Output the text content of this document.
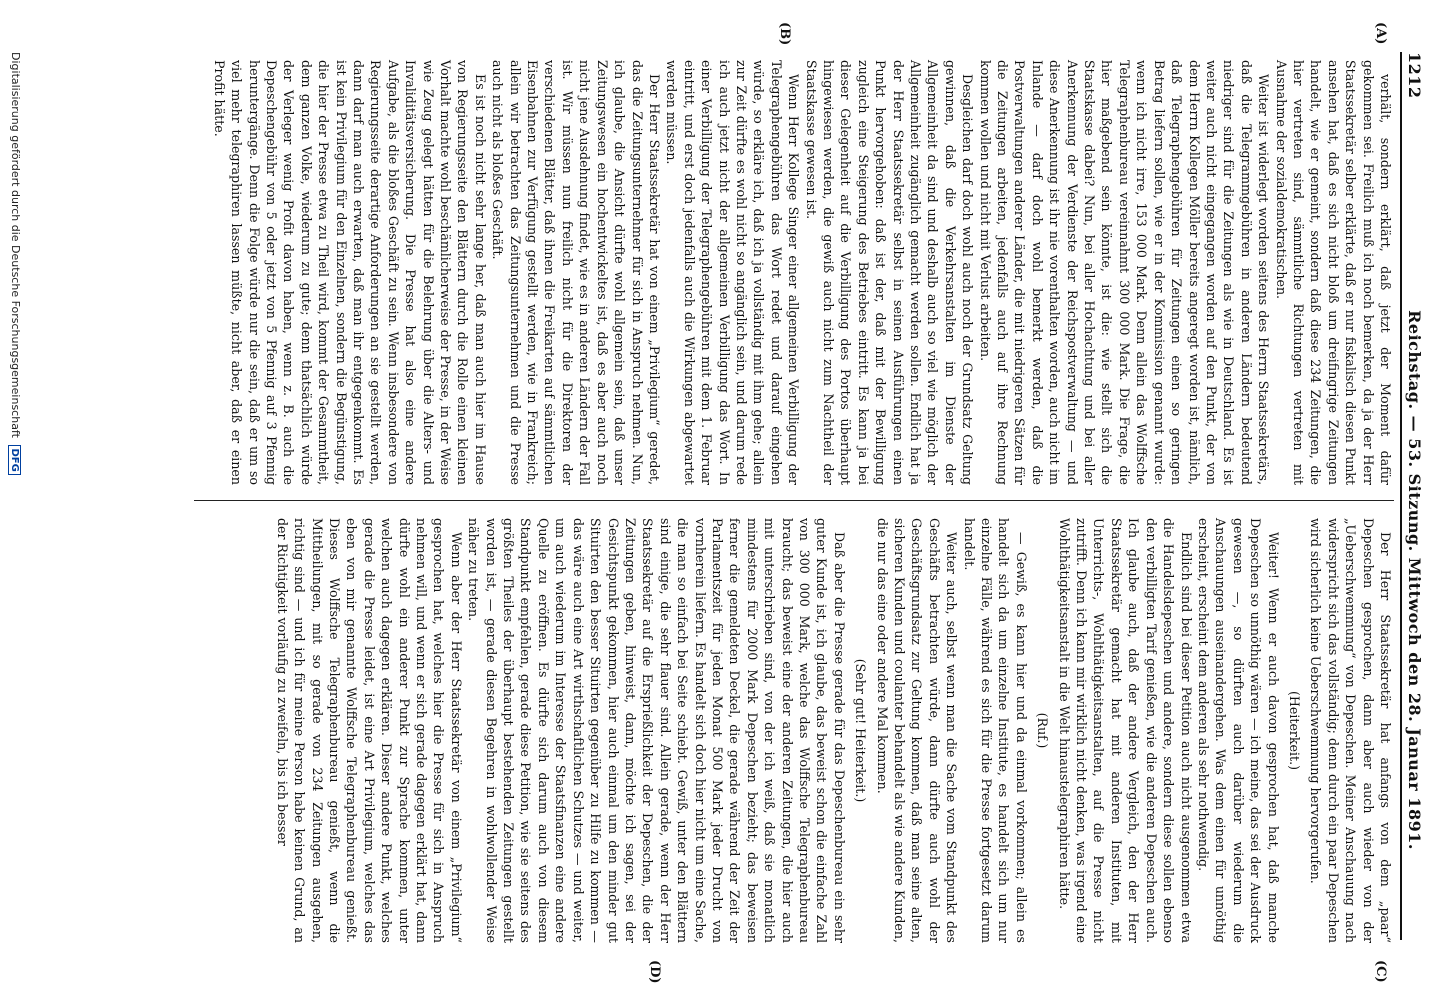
1212
Reichstag. — 53. Sitzung. Mittwoch den 28. Januar 1891.
(A)
(B)
(C)
(D)

verhält, sondern erklärt, daß jetzt der Moment dafür gekommen sei. Freilich muß ich noch bemerken, da ja der Herr Staatssekretär selber erklärte, daß er nur fiskalisch diesen Punkt ansehen hat, daß es sich nicht bloß um dreifingrige Zeitungen handelt, wie er gemeint, sondern daß diese 234 Zeitungen, die hier vertreten sind, sämmtliche Richtungen vertreten mit Ausnahme der sozialdemokratischen.

Weiter ist widerlegt worden seitens des Herrn Staatssekretärs, daß die Telegrammgebühren in anderen Ländern bedeutend niedriger sind für die Zeitungen als wie in Deutschland. Es ist weiter auch nicht eingegangen worden auf den Punkt, der von dem Herrn Kollegen Möller bereits angeregt worden ist, nämlich, daß Telegraphengebühren für Zeitungen einen so geringen Betrag liefern sollen, wie er in der Kommission genannt wurde: wenn ich nicht irre, 153 000 Mark. Denn allein das Wolffsche Telegraphenbureau vereinnahmt 300 000 Mark. Die Frage, die hier maßgebend sein könnte, ist die: wie stellt sich die Staatskasse dabei? Nun, bei aller Hochachtung und bei aller Anerkennung der Verdienste der Reichspostverwaltung — und diese Anerkennung ist ihr nie vorenthalten worden, auch nicht im Inlande — darf doch wohl bemerkt werden, daß die Postverwaltungen anderer Länder, die mit niedrigeren Sätzen für die Zeitungen arbeiten, jedenfalls auch auf ihre Rechnung kommen wollen und nicht mit Verlust arbeiten.

Desgleichen darf doch wohl auch noch der Grundsatz Geltung gewinnen, daß die Verkehrsanstalten im Dienste der Allgemeinheit da sind und deshalb auch so viel wie möglich der Allgemeinheit zugänglich gemacht werden sollen. Endlich hat ja der Herr Staatssekretär selbst in seinen Ausführungen einen Punkt hervorgehoben: daß ist der, daß mit der Bewilligung zugleich eine Steigerung des Betriebes eintritt. Es kann ja bei dieser Gelegenheit auf die Verbilligung des Portos überhaupt hingewiesen werden, die gewiß auch nicht zum Nachtheil der Staatskasse gewesen ist.

Wenn Herr Kollege Singer einer allgemeinen Verbilligung der Telegraphengebühren das Wort redet und darauf eingehen würde, so erkläre ich, daß ich ja vollständig mit ihm gehe; allein zur Zeit dürfte es wohl nicht so angänglich sein, und darum rede ich auch jetzt nicht der allgemeinen Verbilligung das Wort. In einer Verbilligung der Telegraphengebühren mit dem 1. Februar eintritt, und erst doch jedenfalls auch die Wirkungen abgewartet werden müssen.

Der Herr Staatssekretär hat von einem „Privilegium“ geredet, das die Zeitungsunternehmer für sich in Anspruch nehmen. Nun, ich glaube, die Ansicht dürfte wohl allgemein sein, daß unser Zeitungswesen ein hochentwickeltes ist, daß es aber auch noch nicht jene Ausdehnung findet, wie es in anderen Ländern der Fall ist. Wir müssen nun freilich nicht für die Direktoren der verschiedenen Blätter, daß ihnen die Freikarten auf sämmtlichen Eisenbahnen zur Verfügung gestellt werden, wie in Frankreich; allein wir betrachten das Zeitungsunternehmen und die Presse auch nicht als bloßes Geschäft.

Es ist noch nicht sehr lange her, daß man auch hier im Hause von Regierungsseite den Blättern durch die Rolle einen kleinen Vorhalt machte wohl beschämlicherweise der Presse, in der Weise wie Zeug gelegt hätten für die Belehrung über die Alters- und Invaliditätsversicherung. Die Presse hat also eine andere Aufgabe, als die bloßes Geschäft zu sein. Wenn insbesondere von Regierungsseite derartige Anforderungen an sie gestellt werden, dann darf man auch erwarten, daß man ihr entgegenkommt. Es ist kein Privilegium für den Einzelnen, sondern die Begünstigung, die hier der Presse etwa zu Theil wird, kommt der Gesammtheit, dem ganzen Volke, wiederum zu gute; denn thatsächlich würde der Verleger wenig Profit davon haben, wenn z. B. auch die Depeschengebühr von 5 oder jetzt von 5 Pfennig auf 3 Pfennig heruntergänge. Denn die Folge würde nur die sein, daß er um so viel mehr telegraphiren lassen müßte, nicht aber, daß er einen Profit hätte.

Der Herr Staatssekretär hat anfangs von dem „paar“ Depeschen gesprochen, dann aber auch wieder von der „Ueberschwemmung“ von Depeschen. Meiner Anschauung nach widerspricht sich das vollständig; denn durch ein paar Depeschen wird sicherlich keine Ueberschwemmung hervorgerufen.

(Heiterkeit.)

Weiter! Wenn er auch davon gesprochen hat, daß manche Depeschen so unnöthig wären — ich meine, das sei der Ausdruck gewesen —, so dürften auch darüber wiederum die Anschauungen auseinandergehen. Was dem einen für unnöthig erscheint, erscheint dem anderen als sehr nothwendig.

Endlich sind bei dieser Petition auch nicht ausgenommen etwa die Handelsdepeschen und andere, sondern diese sollen ebenso den verbilligten Tarif genießen, wie die anderen Depeschen auch. Ich glaube auch, daß der andere Vergleich, den der Herr Staatssekretär gemacht hat mit anderen Instituten, mit Unterrichts-, Wohlthätigkeitsanstalten, auf die Presse nicht zutrifft. Denn ich kann mir wirklich nicht denken, was irgend eine Wohlthätigkeitsanstalt in die Welt hinaustelegraphiren hätte.

(Ruf.)

— Gewiß, es kann hier und da einmal vorkommen; allein es handelt sich da um einzelne Institute, es handelt sich um nur einzelne Fälle, während es sich für die Presse fortgesetzt darum handelt.

Weiter auch, selbst wenn man die Sache vom Standpunkt des Geschäfts betrachten würde, dann dürfte auch wohl der Geschäftsgrundsatz zur Geltung kommen, daß man seine alten, sicheren Kunden und coulanter behandelt als wie andere Kunden, die nur das eine oder andere Mal kommen.

(Sehr gut! Heiterkeit.)

Daß aber die Presse gerade für das Depeschenbureau ein sehr guter Kunde ist, ich glaube, das beweist schon die einfache Zahl von 300 000 Mark, welche das Wolffsche Telegraphenbureau braucht; das beweist eine der anderen Zeitungen, die hier auch mit unterschrieben sind, von der ich weiß, daß sie monatlich mindestens für 2000 Mark Depeschen bezieht; das beweisen ferner die gemeldeten Deckel, die gerade während der Zeit der Parlamentszeit für jeden Monat 500 Mark jeder Drucht von vornherein liefern. Es handelt sich doch hier nicht um eine Sache, die man so einfach bei Seite schiebt. Gewiß, unter den Blättern sind einige, die sehr flauer sind. Allein gerade, wenn der Herr Staatssekretär auf die Ersprießlichkeit der Depeschen, die der Zeitungen geben, hinweist, dann, möchte ich sagen, sei der Gesichtspunkt gekommen, hier auch einmal um den minder gut Situirten den besser Situirten gegenüber zu Hilfe zu kommen — das wäre auch eine Art wirthschaftlichen Schutzes — und weiter, um auch wiederum im Interesse der Staatsfinanzen eine andere Quelle zu eröffnen. Es dürfte sich darum auch von diesem Standpunkt empfehlen, gerade diese Petition, wie sie seitens des größten Theiles der überhaupt bestehenden Zeitungen gestellt worden ist, — gerade diesen Begehren in wohlwollender Weise näher zu treten.

Wenn aber der Herr Staatssekretär von einem „Privilegium“ gesprochen hat, welches hier die Presse für sich in Anspruch nehmen will, und wenn er sich gerade dagegen erklärt hat, dann dürfte wohl ein anderer Punkt zur Sprache kommen, unter welchen auch dagegen erklären. Dieser andere Punkt, welches gerade die Presse leidet, ist eine Art Privilegium, welches das eben von mir genannte Wolffsche Telegraphenbureau genießt. Dieses Wolffsche Telegraphenbureau genießt, wenn die Mittheilungen, mit so gerade von 234 Zeitungen ausgehen, richtig sind — und ich für meine Person habe keinen Grund, an der Richtigkeit vorläufig zu zweifeln, bis ich besser

Digitalisierung gefördert durch die Deutsche Forschungsgemeinschaft DFG
